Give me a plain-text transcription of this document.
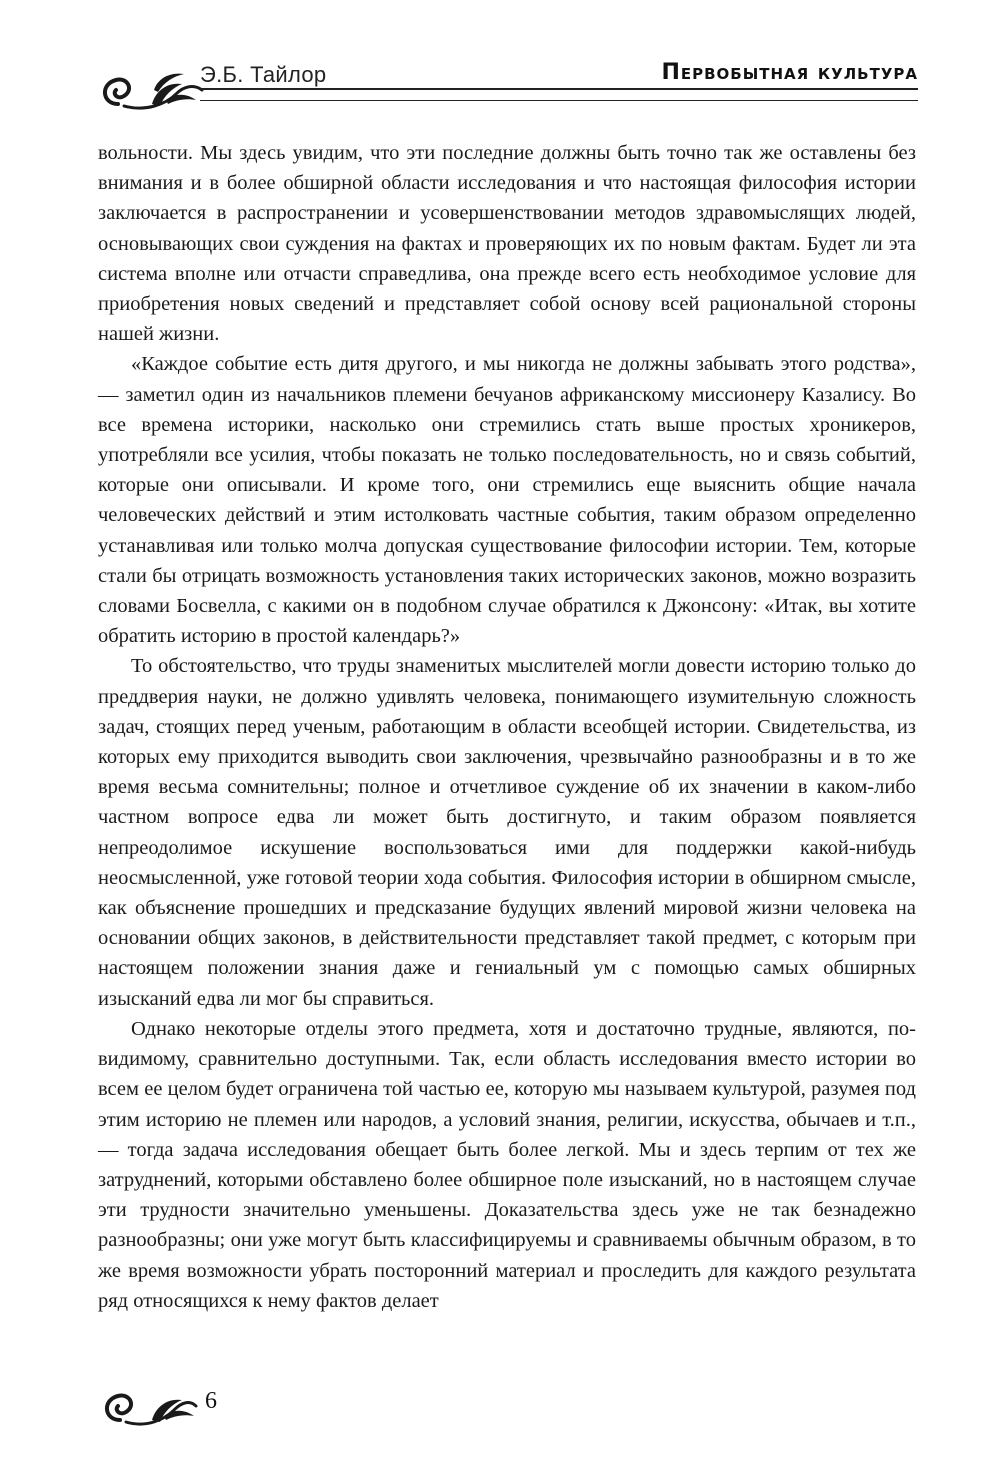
Э.Б. Тайлор	Первобытная культура

вольности. Мы здесь увидим, что эти последние должны быть точно так же оставлены без внимания и в более обширной области исследования и что настоящая философия истории заключается в распространении и усовершенствовании методов здравомыслящих людей, основывающих свои суждения на фактах и проверяющих их по новым фактам. Будет ли эта система вполне или отчасти справедлива, она прежде всего есть необходимое условие для приобретения новых сведений и представляет собой основу всей рациональной стороны нашей жизни.

«Каждое событие есть дитя другого, и мы никогда не должны забывать этого родства», — заметил один из начальников племени бечуанов африканскому миссионеру Казалису. Во все времена историки, насколько они стремились стать выше простых хроникеров, употребляли все усилия, чтобы показать не только последовательность, но и связь событий, которые они описывали. И кроме того, они стремились еще выяснить общие начала человеческих действий и этим истолковать частные события, таким образом определенно устанавливая или только молча допуская существование философии истории. Тем, которые стали бы отрицать возможность установления таких исторических законов, можно возразить словами Босвелла, с какими он в подобном случае обратился к Джонсону: «Итак, вы хотите обратить историю в простой календарь?»

То обстоятельство, что труды знаменитых мыслителей могли довести историю только до преддверия науки, не должно удивлять человека, понимающего изумительную сложность задач, стоящих перед ученым, работающим в области всеобщей истории. Свидетельства, из которых ему приходится выводить свои заключения, чрезвычайно разнообразны и в то же время весьма сомнительны; полное и отчетливое суждение об их значении в каком-либо частном вопросе едва ли может быть достигнуто, и таким образом появляется непреодолимое искушение воспользоваться ими для поддержки какой-нибудь неосмысленной, уже готовой теории хода события. Философия истории в обширном смысле, как объяснение прошедших и предсказание будущих явлений мировой жизни человека на основании общих законов, в действительности представляет такой предмет, с которым при настоящем положении знания даже и гениальный ум с помощью самых обширных изысканий едва ли мог бы справиться.

Однако некоторые отделы этого предмета, хотя и достаточно трудные, являются, по-видимому, сравнительно доступными. Так, если область исследования вместо истории во всем ее целом будет ограничена той частью ее, которую мы называем культурой, разумея под этим историю не племен или народов, а условий знания, религии, искусства, обычаев и т.п., — тогда задача исследования обещает быть более легкой. Мы и здесь терпим от тех же затруднений, которыми обставлено более обширное поле изысканий, но в настоящем случае эти трудности значительно уменьшены. Доказательства здесь уже не так безнадежно разнообразны; они уже могут быть классифицируемы и сравниваемы обычным образом, в то же время возможности убрать посторонний материал и проследить для каждого результата ряд относящихся к нему фактов делает

6
